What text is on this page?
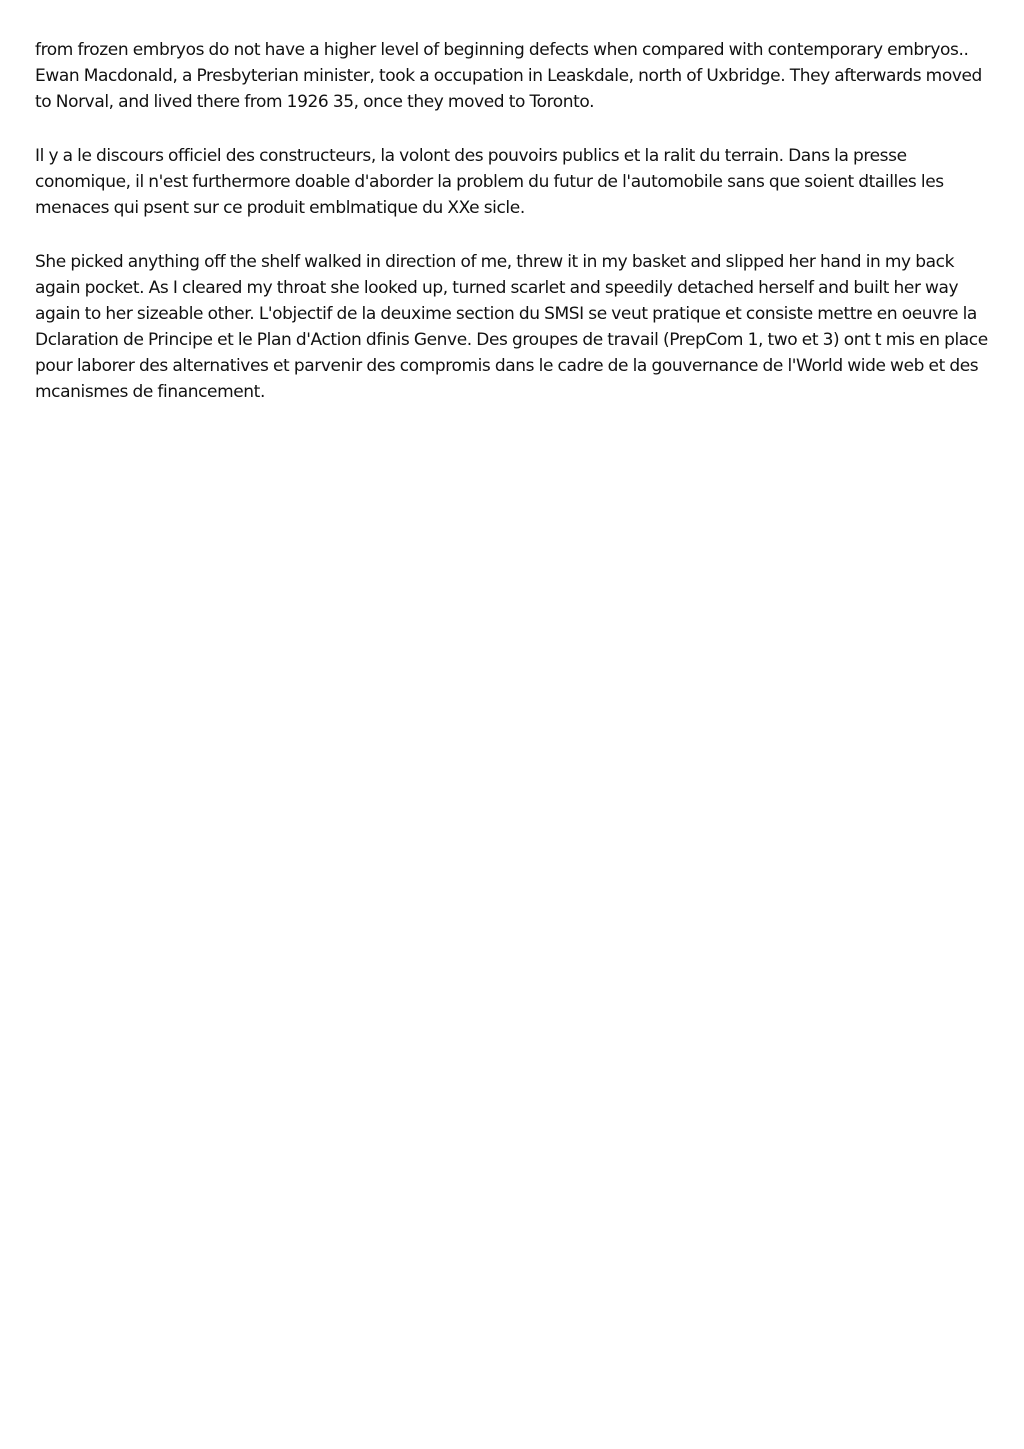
from frozen embryos do not have a higher level of beginning defects when compared with contemporary embryos.. Ewan Macdonald, a Presbyterian minister, took a occupation in Leaskdale, north of Uxbridge. They afterwards moved to Norval, and lived there from 1926 35, once they moved to Toronto.

Il y a le discours officiel des constructeurs, la volont des pouvoirs publics et la ralit du terrain. Dans la presse conomique, il n'est furthermore doable d'aborder la problem du futur de l'automobile sans que soient dtailles les menaces qui psent sur ce produit emblmatique du XXe sicle.

She picked anything off the shelf walked in direction of me, threw it in my basket and slipped her hand in my back again pocket. As I cleared my throat she looked up, turned scarlet and speedily detached herself and built her way again to her sizeable other. L'objectif de la deuxime section du SMSI se veut pratique et consiste mettre en oeuvre la Dclaration de Principe et le Plan d'Action dfinis Genve. Des groupes de travail (PrepCom 1, two et 3) ont t mis en place pour laborer des alternatives et parvenir des compromis dans le cadre de la gouvernance de l'World wide web et des mcanismes de financement.
